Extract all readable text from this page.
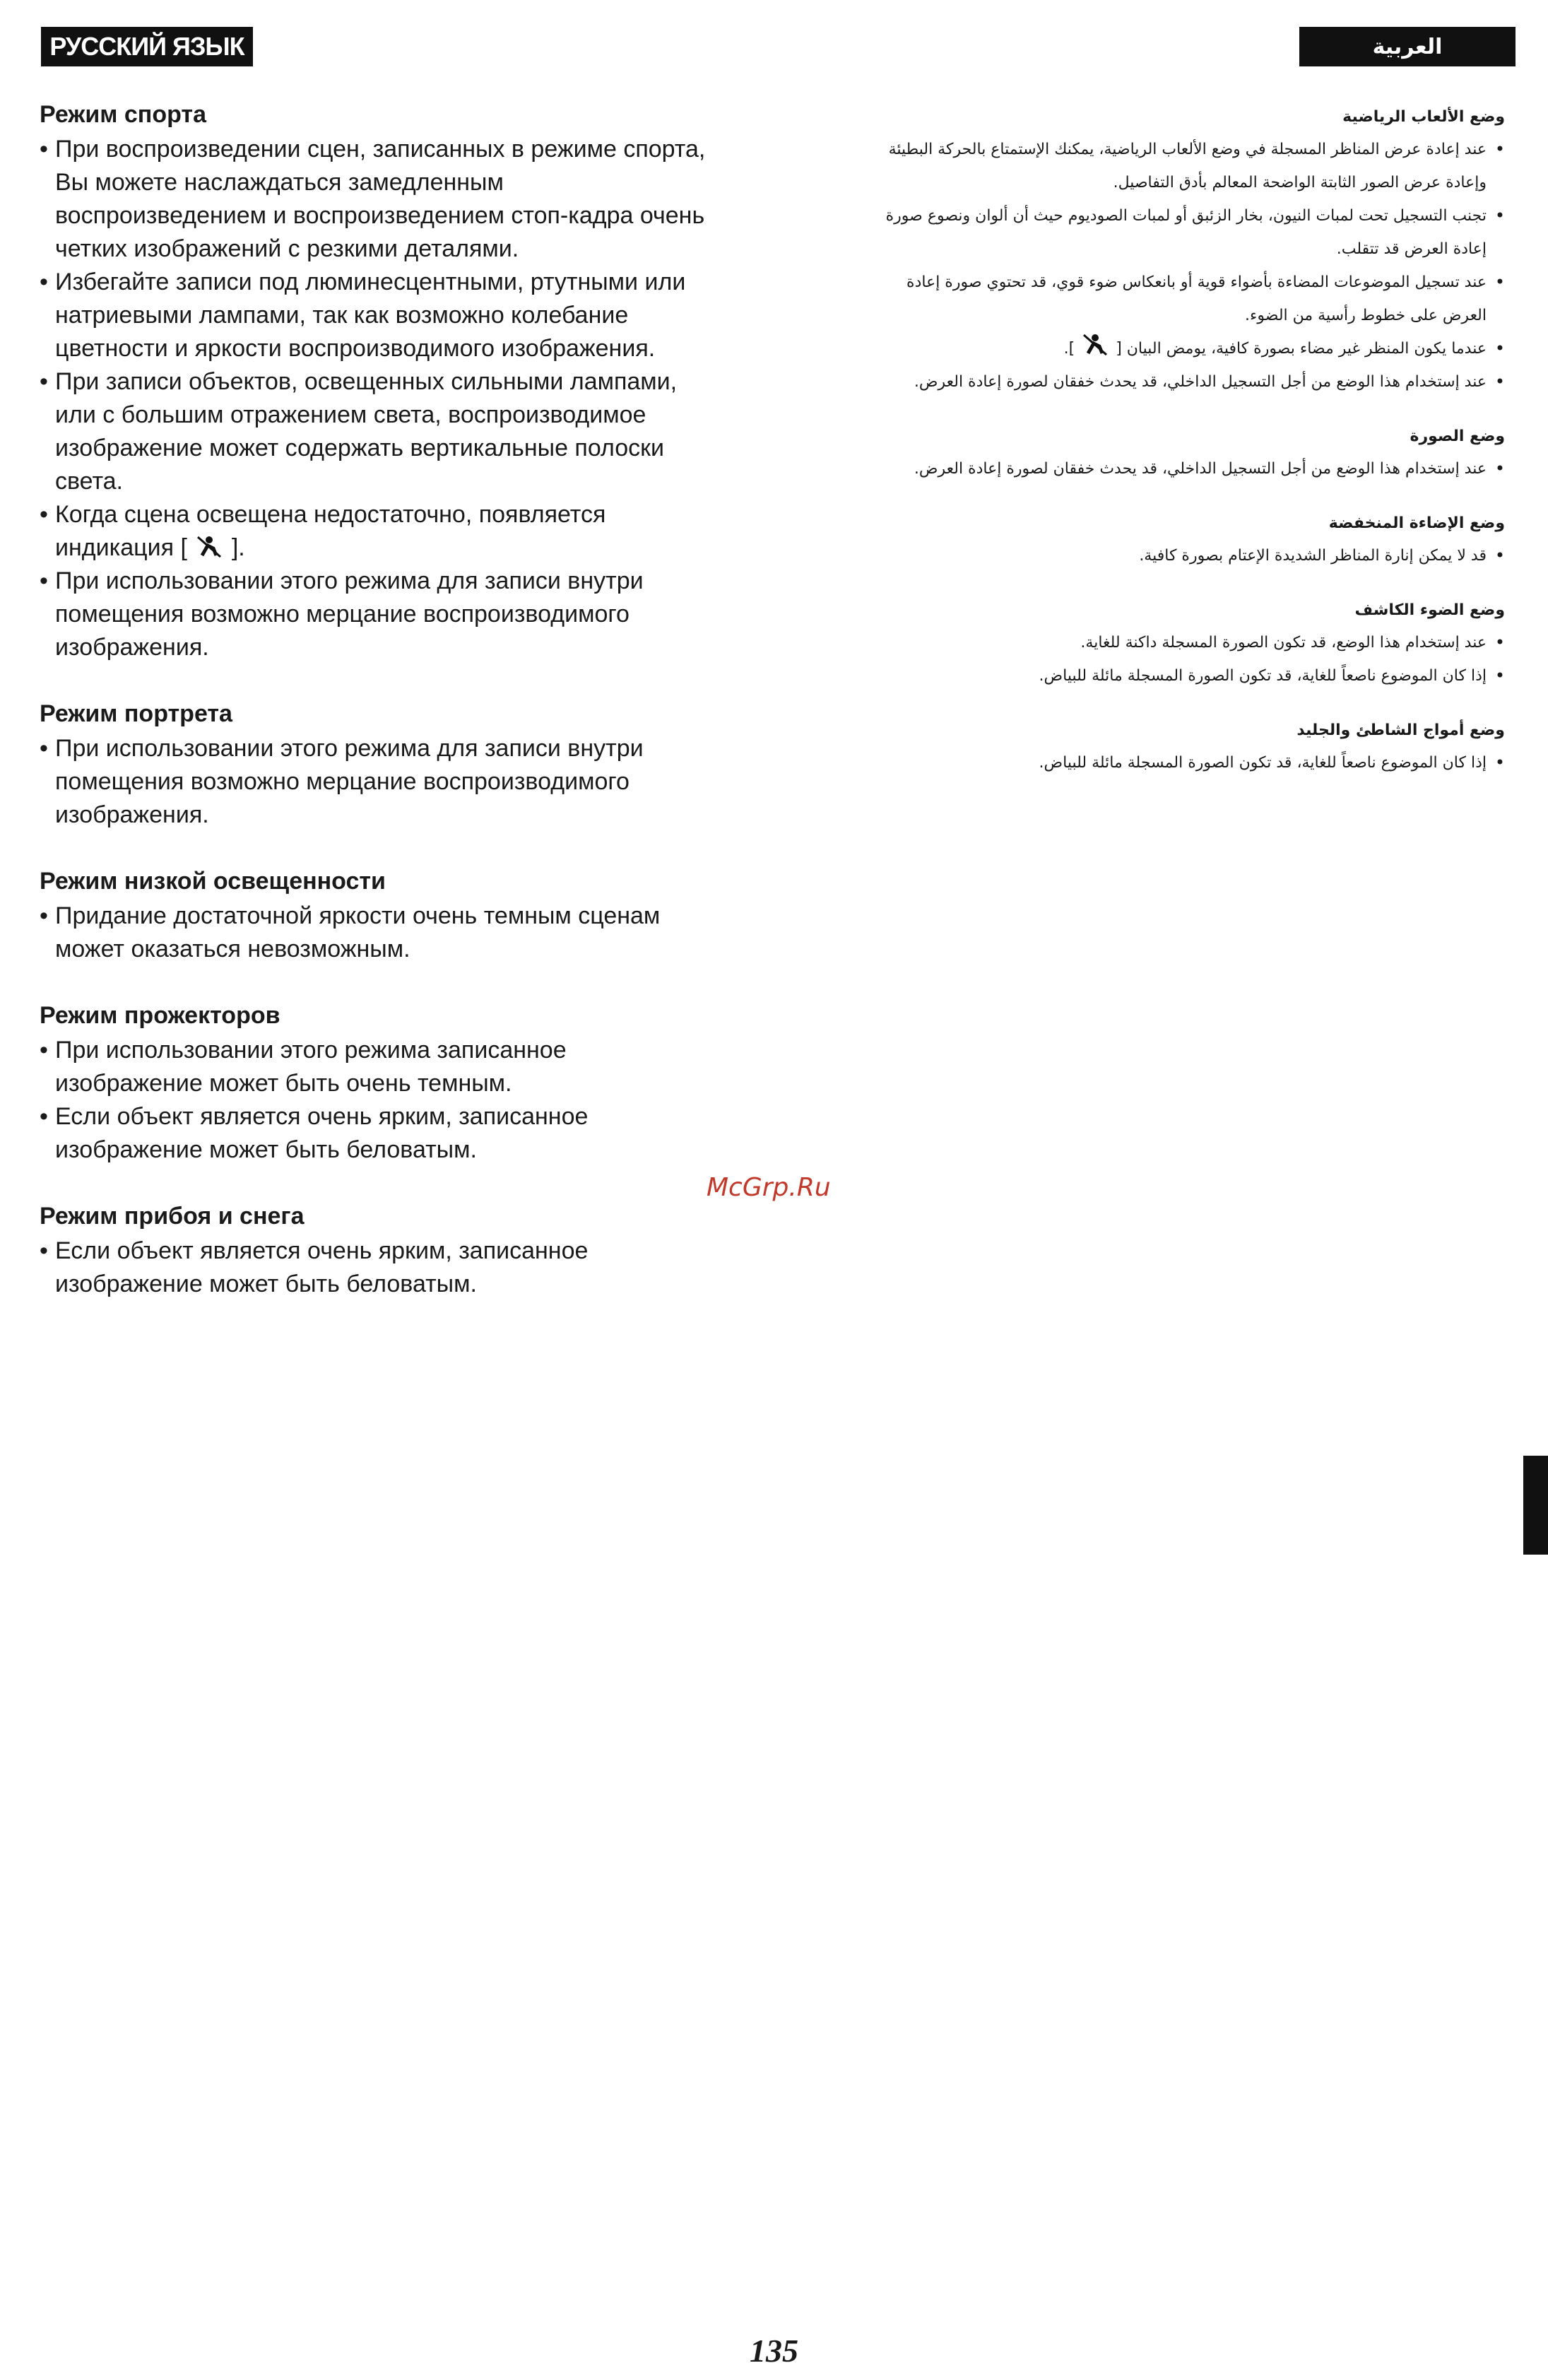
РУССКИЙ ЯЗЫК	العربية
Режим спорта
• При воспроизведении сцен, записанных в режиме спорта, Вы можете наслаждаться замедленным воспроизведением и воспроизведением стоп-кадра очень четких изображений с резкими деталями.
• Избегайте записи под люминесцентными, ртутными или натриевыми лампами, так как возможно колебание цветности и яркости воспроизводимого изображения.
• При записи объектов, освещенных сильными лампами, или с большим отражением света, воспроизводимое изображение может содержать вертикальные полоски света.
• Когда сцена освещена недостаточно, появляется индикация [ ].
• При использовании этого режима для записи внутри помещения возможно мерцание воспроизводимого изображения.
Режим портрета
• При использовании этого режима для записи внутри помещения возможно мерцание воспроизводимого изображения.
Режим низкой освещенности
• Придание достаточной яркости очень темным сценам может оказаться невозможным.
Режим прожекторов
• При использовании этого режима записанное изображение может быть очень темным.
• Если объект является очень ярким, записанное изображение может быть беловатым.
Режим прибоя и снега
• Если объект является очень ярким, записанное изображение может быть беловатым.
وضع الألعاب الرياضية
• عند إعادة عرض المناظر المسجلة في وضع الألعاب الرياضية، يمكنك الإستمتاع بالحركة البطيئة وإعادة عرض الصور الثابتة الواضحة المعالم بأدق التفاصيل.
• تجنب التسجيل تحت لمبات النيون، بخار الزئبق أو لمبات الصوديوم حيث أن ألوان ونصوع صورة إعادة العرض قد تتقلب.
• عند تسجيل الموضوعات المضاءة بأضواء قوية أو بانعكاس ضوء قوي، قد تحتوي صورة إعادة العرض على خطوط رأسية من الضوء.
• عندما يكون المنظر غير مضاء بصورة كافية، يومض البيان [  ].
• عند إستخدام هذا الوضع من أجل التسجيل الداخلي، قد يحدث خفقان لصورة إعادة العرض.
وضع الصورة
• عند إستخدام هذا الوضع من أجل التسجيل الداخلي، قد يحدث خفقان لصورة إعادة العرض.
وضع الإضاءة المنخفضة
• قد لا يمكن إنارة المناظر الشديدة الإعتام بصورة كافية.
وضع الضوء الكاشف
• عند إستخدام هذا الوضع، قد تكون الصورة المسجلة داكنة للغاية.
• إذا كان الموضوع ناصعاً للغاية، قد تكون الصورة المسجلة مائلة للبياض.
وضع أمواج الشاطئ والجليد
• إذا كان الموضوع ناصعاً للغاية، قد تكون الصورة المسجلة مائلة للبياض.
McGrp.Ru
135
